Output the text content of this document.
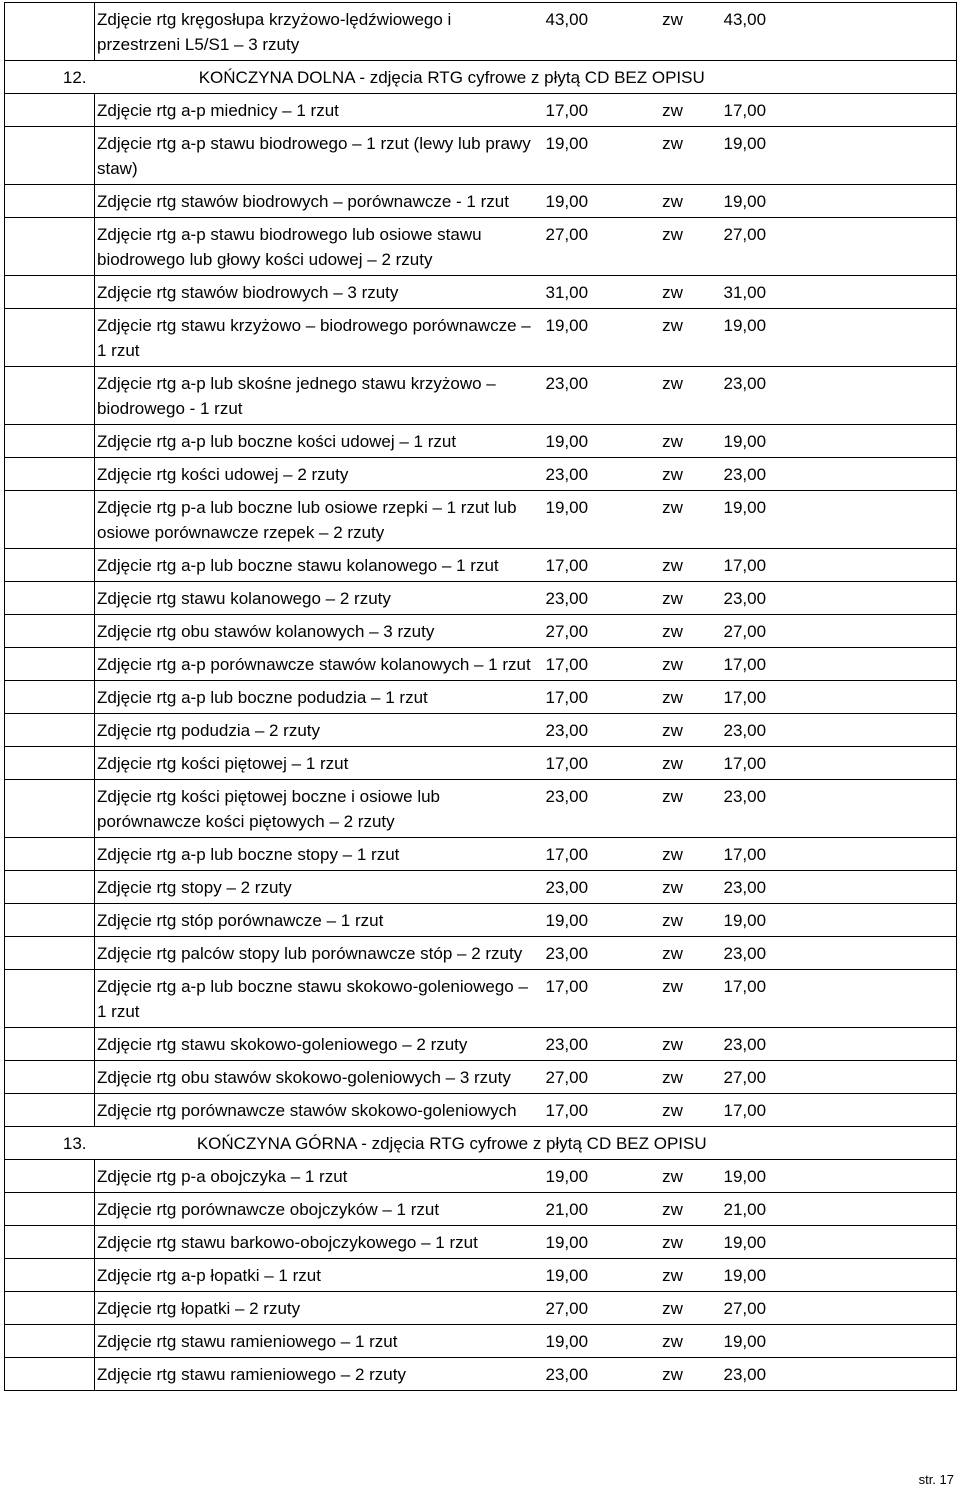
	Zdjęcie rtg kręgosłupa krzyżowo-lędźwiowego i przestrzeni L5/S1 – 3 rzuty	43,00	zw	43,00	
12.	KOŃCZYNA DOLNA - zdjęcia RTG cyfrowe z płytą CD BEZ OPISU				
	Zdjęcie rtg a-p miednicy – 1 rzut	17,00	zw	17,00	
	Zdjęcie rtg a-p stawu biodrowego – 1 rzut (lewy lub prawy staw)	19,00	zw	19,00	
	Zdjęcie rtg stawów biodrowych – porównawcze - 1 rzut	19,00	zw	19,00	
	Zdjęcie rtg a-p stawu biodrowego lub osiowe stawu biodrowego lub głowy kości udowej – 2 rzuty	27,00	zw	27,00	
	Zdjęcie rtg stawów biodrowych – 3 rzuty	31,00	zw	31,00	
	Zdjęcie rtg stawu krzyżowo – biodrowego porównawcze – 1 rzut	19,00	zw	19,00	
	Zdjęcie rtg a-p lub skośne jednego stawu krzyżowo – biodrowego - 1 rzut	23,00	zw	23,00	
	Zdjęcie rtg a-p lub boczne kości udowej – 1 rzut	19,00	zw	19,00	
	Zdjęcie rtg kości udowej – 2 rzuty	23,00	zw	23,00	
	Zdjęcie rtg p-a lub boczne lub osiowe rzepki – 1 rzut lub osiowe porównawcze rzepek – 2 rzuty	19,00	zw	19,00	
	Zdjęcie rtg a-p lub boczne stawu kolanowego – 1 rzut	17,00	zw	17,00	
	Zdjęcie rtg stawu kolanowego – 2 rzuty	23,00	zw	23,00	
	Zdjęcie rtg obu stawów kolanowych – 3 rzuty	27,00	zw	27,00	
	Zdjęcie rtg a-p porównawcze stawów kolanowych – 1 rzut	17,00	zw	17,00	
	Zdjęcie rtg a-p lub boczne podudzia – 1 rzut	17,00	zw	17,00	
	Zdjęcie rtg podudzia – 2 rzuty	23,00	zw	23,00	
	Zdjęcie rtg kości piętowej – 1 rzut	17,00	zw	17,00	
	Zdjęcie rtg kości piętowej boczne i osiowe lub porównawcze kości piętowych – 2 rzuty	23,00	zw	23,00	
	Zdjęcie rtg a-p lub boczne stopy – 1 rzut	17,00	zw	17,00	
	Zdjęcie rtg stopy – 2 rzuty	23,00	zw	23,00	
	Zdjęcie rtg stóp porównawcze – 1 rzut	19,00	zw	19,00	
	Zdjęcie rtg palców stopy lub porównawcze stóp – 2 rzuty	23,00	zw	23,00	
	Zdjęcie rtg a-p lub boczne stawu skokowo-goleniowego – 1 rzut	17,00	zw	17,00	
	Zdjęcie rtg stawu skokowo-goleniowego – 2 rzuty	23,00	zw	23,00	
	Zdjęcie rtg obu stawów skokowo-goleniowych – 3 rzuty	27,00	zw	27,00	
	Zdjęcie rtg porównawcze stawów skokowo-goleniowych	17,00	zw	17,00	
13.	KOŃCZYNA GÓRNA - zdjęcia RTG cyfrowe z płytą CD BEZ OPISU				
	Zdjęcie rtg p-a obojczyka – 1 rzut	19,00	zw	19,00	
	Zdjęcie rtg porównawcze obojczyków – 1 rzut	21,00	zw	21,00	
	Zdjęcie rtg stawu barkowo-obojczykowego – 1 rzut	19,00	zw	19,00	
	Zdjęcie rtg a-p łopatki – 1 rzut	19,00	zw	19,00	
	Zdjęcie rtg łopatki – 2 rzuty	27,00	zw	27,00	
	Zdjęcie rtg stawu ramieniowego – 1 rzut	19,00	zw	19,00	
	Zdjęcie rtg stawu ramieniowego – 2 rzuty	23,00	zw	23,00	
str. 17
